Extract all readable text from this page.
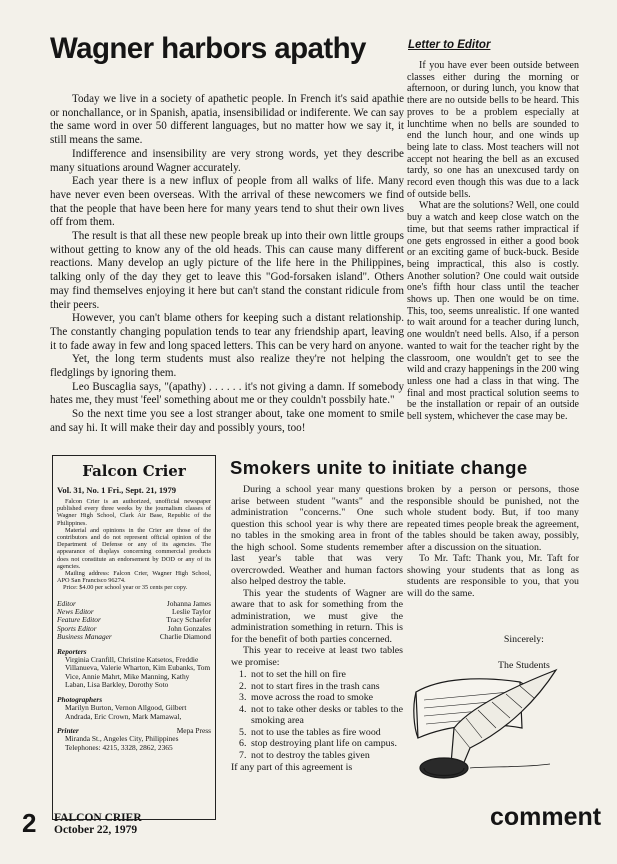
Wagner harbors apathy

Today we live in a society of apathetic people. In French it's said apathie or nonchallance, or in Spanish, apatia, insensibilidad or indiferente. We can say the same word in over 50 different languages, but no matter how we say it, it still means the same.

Indifference and insensibility are very strong words, yet they describe many situations around Wagner accurately.

Each year there is a new influx of people from all walks of life. Many have never even been overseas. With the arrival of these newcomers we find that the people that have been here for many years tend to shut their own lives off from them.

The result is that all these new people break up into their own little groups without getting to know any of the old heads. This can cause many different reactions. Many develop an ugly picture of the life here in the Philippines, talking only of the day they get to leave this "God-forsaken island". Others may find themselves enjoying it here but can't stand the constant ridicule from their peers.

However, you can't blame others for keeping such a distant relationship. The constantly changing population tends to tear any friendship apart, leaving it to fade away in few and long spaced letters. This can be very hard on anyone.

Yet, the long term students must also realize they're not helping the fledglings by ignoring them.

Leo Buscaglia says, "(apathy) . . . . . . it's not giving a damn. If somebody hates me, they must 'feel' something about me or they couldn't possbily hate."

So the next time you see a lost stranger about, take one moment to smile and say hi. It will make their day and possibly yours, too!

Letter to Editor

If you have ever been outside between classes either during the morning or afternoon, or during lunch, you know that there are no outside bells to be heard. This proves to be a problem especially at lunchtime when no bells are sounded to end the lunch hour, and one winds up being late to class. Most teachers will not accept not hearing the bell as an excused tardy, so one has an unexcused tardy on record even though this was due to a lack of outside bells.

What are the solutions? Well, one could buy a watch and keep close watch on the time, but that seems rather impractical if one gets engrossed in either a good book or an exciting game of buck-buck. Beside being impractical, this also is costly. Another solution? One could wait outside one's fifth hour class until the teacher shows up. Then one would be on time. This, too, seems unrealistic. If one wanted to wait around for a teacher during lunch, one wouldn't need bells. Also, if a person wanted to wait for the teacher right by the classroom, one wouldn't get to see the wild and crazy happenings in the 200 wing unless one had a class in that wing. The final and most practical solution seems to be the installation or repair of an outside bell system, whichever the case may be.

Falcon Crier
Vol. 31, No. 1 Fri., Sept. 21, 1979

Falcon Crier is an authorized, unofficial newspaper published every three weeks by the journalism classes of Wagner High School, Clark Air Base, Republic of the Philippines.

Material and opinions in the Crier are those of the contributors and do not represent official opinion of the Department of Defense or any of its agencies. The appearance of displays concerning commercial products does not constitute an endorsement by DOD or any of its agencies.

Mailing address: Falcon Crier, Wagner High School, APO San Francisco 96274.

Price: $4.00 per school year or 35 cents per copy.

Editor	Johanna James
News Editor	Leslie Taylor
Feature Editor	Tracy Schaefer
Sports Editor	John Gonzales
Business Manager	Charlie Diamond
Reporters
Virginia Cranfill, Christine Katsetos, Freddie Villanueva, Valerie Wharton, Kim Eubanks, Tom Vice, Annie Mahrt, Mike Manning, Kathy Laban, Lisa Barkley, Dorothy Soto
Photographers
Marilyn Burton, Vernon Allgood, Gilbert Andrada, Eric Crown, Mark Mamawal,
Printer	Mepa Press
Miranda St., Angeles City, Philippines
Telephones: 4215, 3328, 2862, 2365
Smokers unite to initiate change

During a school year many questions arise between student "wants" and the administration "concerns." One such question this school year is why there are no tables in the smoking area in front of the high school. Some students remember last year's table that was very overcrowded. Weather and human factors also helped destroy the table.

This year the students of Wagner are aware that to ask for something from the administration, we must give the administration something in return. This is for the benefit of both parties concerned.

This year to receive at least two tables we promise:

1. not to set the hill on fire
2. not to start fires in the trash cans
3. move across the road to smoke
4. not to take other desks or tables to the smoking area
5. not to use the tables as fire wood
6. stop destroying plant life on campus.
7. not to destroy the tables given

If any part of this agreement is

broken by a person or persons, those responsible should be punished, not the whole student body. But, if too many repeated times people break the agreement, the tables should be taken away, possibly, after a discussion on the situation.

To Mr. Taft: Thank you, Mr. Taft for showing your students that as long as students are responsible to you, that you will do the same.

Sincerely:
The Students
2 FALCON CRIER
October 22, 1979	comment
